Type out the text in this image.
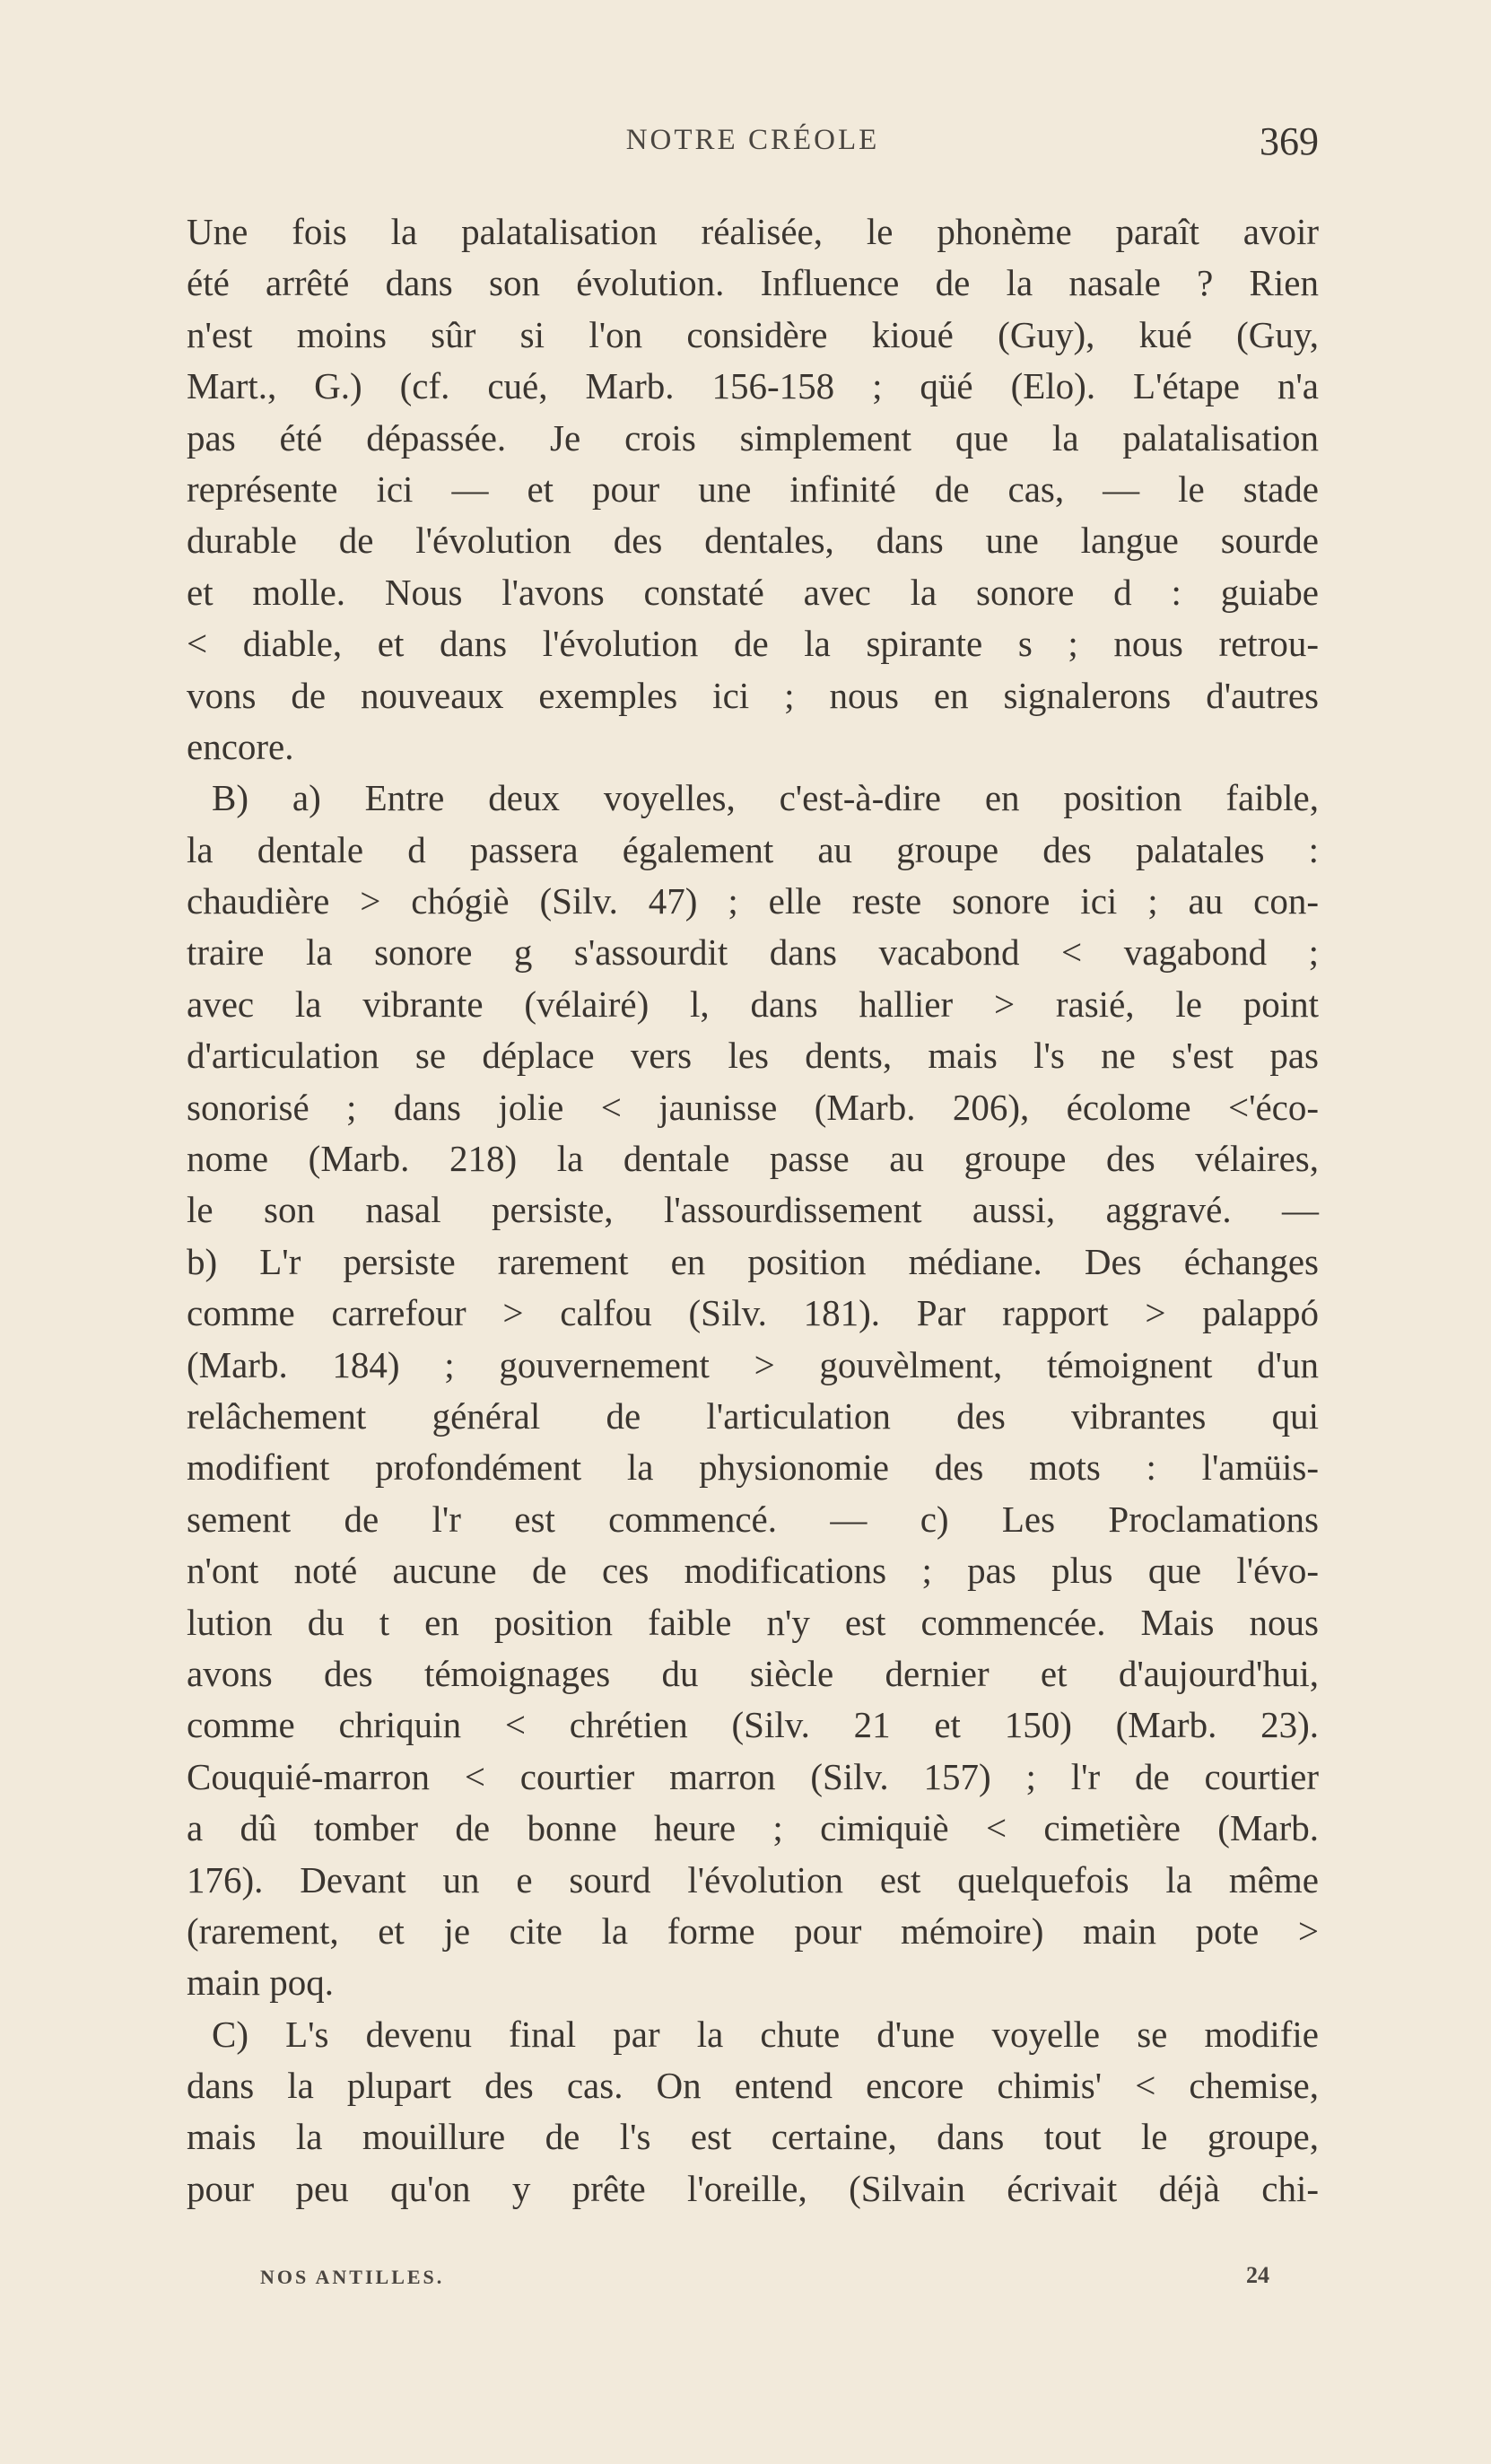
NOTRE CRÉOLE	369
Une fois la palatalisation réalisée, le phonème paraît avoir
été arrêté dans son évolution. Influence de la nasale ? Rien
n'est moins sûr si l'on considère kioué (Guy), kué (Guy,
Mart., G.) (cf. cué, Marb. 156-158 ; qüé (Elo). L'étape n'a
pas été dépassée. Je crois simplement que la palatalisation
représente ici — et pour une infinité de cas, — le stade
durable de l'évolution des dentales, dans une langue sourde
et molle. Nous l'avons constaté avec la sonore d : guiabe
< diable, et dans l'évolution de la spirante s ; nous retrou-
vons de nouveaux exemples ici ; nous en signalerons d'autres
encore.
B) a) Entre deux voyelles, c'est-à-dire en position faible,
la dentale d passera également au groupe des palatales :
chaudière > chógiè (Silv. 47) ; elle reste sonore ici ; au con-
traire la sonore g s'assourdit dans vacabond < vagabond ;
avec la vibrante (vélairé) l, dans hallier > rasié, le point
d'articulation se déplace vers les dents, mais l's ne s'est pas
sonorisé ; dans jolie < jaunisse (Marb. 206), écolome <'éco-
nome (Marb. 218) la dentale passe au groupe des vélaires,
le son nasal persiste, l'assourdissement aussi, aggravé. —
b) L'r persiste rarement en position médiane. Des échanges
comme carrefour > calfou (Silv. 181). Par rapport > palappó
(Marb. 184) ; gouvernement > gouvèlment, témoignent d'un
relâchement général de l'articulation des vibrantes qui
modifient profondément la physionomie des mots : l'amüis-
sement de l'r est commencé. — c) Les Proclamations
n'ont noté aucune de ces modifications ; pas plus que l'évo-
lution du t en position faible n'y est commencée. Mais nous
avons des témoignages du siècle dernier et d'aujourd'hui,
comme chriquin < chrétien (Silv. 21 et 150) (Marb. 23).
Couquié-marron < courtier marron (Silv. 157) ; l'r de courtier
a dû tomber de bonne heure ; cimiquiè < cimetière (Marb.
176). Devant un e sourd l'évolution est quelquefois la même
(rarement, et je cite la forme pour mémoire) main pote >
main poq.
C) L's devenu final par la chute d'une voyelle se modifie
dans la plupart des cas. On entend encore chimis' < chemise,
mais la mouillure de l's est certaine, dans tout le groupe,
pour peu qu'on y prête l'oreille, (Silvain écrivait déjà chi-
NOS ANTILLES.	24
